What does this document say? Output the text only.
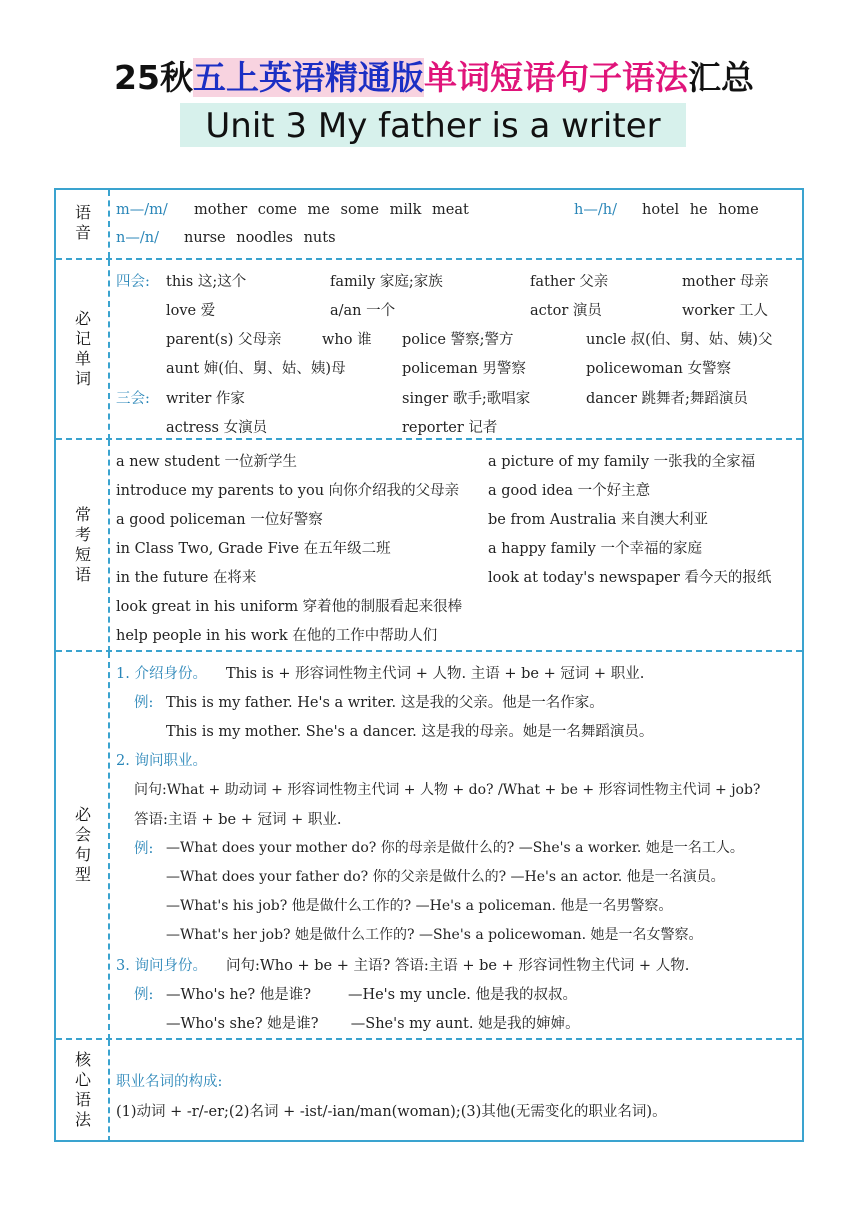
25秋五上英语精通版单词短语句子语法汇总
Unit 3 My father is a writer
语音 m—/m/ mother come me some milk meat	h—/h/ hotel he home
n—/n/ nurse noodles nuts
必记单词
四会: this 这;这个	family 家庭;家族	father 父亲	mother 母亲
love 爱	a/an 一个	actor 演员	worker 工人
parent(s) 父母亲	who 谁 police 警察;警方	uncle 叔(伯、舅、姑、姨)父
aunt 婶(伯、舅、姑、姨)母	policeman 男警察	policewoman 女警察
三会: writer 作家	singer 歌手;歌唱家	dancer 跳舞者;舞蹈演员
actress 女演员	reporter 记者
常考短语
a new student 一位新学生	a picture of my family 一张我的全家福
introduce my parents to you 向你介绍我的父母亲 a good idea 一个好主意
a good policeman 一位好警察	be from Australia 来自澳大利亚
in Class Two, Grade Five 在五年级二班	a happy family 一个幸福的家庭
in the future 在将来	look at today's newspaper 看今天的报纸
look great in his uniform 穿着他的制服看起来很棒
help people in his work 在他的工作中帮助人们
必会句型
1. 介绍身份。 This is + 形容词性物主代词 + 人物. 主语 + be + 冠词 + 职业.
例: This is my father. He's a writer. 这是我的父亲。他是一名作家。
This is my mother. She's a dancer. 这是我的母亲。她是一名舞蹈演员。
2. 询问职业。
问句:What + 助动词 + 形容词性物主代词 + 人物 + do? /What + be + 形容词性物主代词 + job?
答语:主语 + be + 冠词 + 职业.
例: —What does your mother do? 你的母亲是做什么的? —She's a worker. 她是一名工人。
—What does your father do? 你的父亲是做什么的? —He's an actor. 他是一名演员。
—What's his job? 他是做什么工作的? —He's a policeman. 他是一名男警察。
—What's her job? 她是做什么工作的? —She's a policewoman. 她是一名女警察。
3. 询问身份。 问句:Who + be + 主语? 答语:主语 + be + 形容词性物主代词 + 人物.
例: —Who's he? 他是谁?        —He's my uncle. 他是我的叔叔。
—Who's she? 她是谁?       —She's my aunt. 她是我的婶婶。
核心语法 职业名词的构成:
(1)动词 + -r/-er;(2)名词 + -ist/-ian/man(woman);(3)其他(无需变化的职业名词)。
